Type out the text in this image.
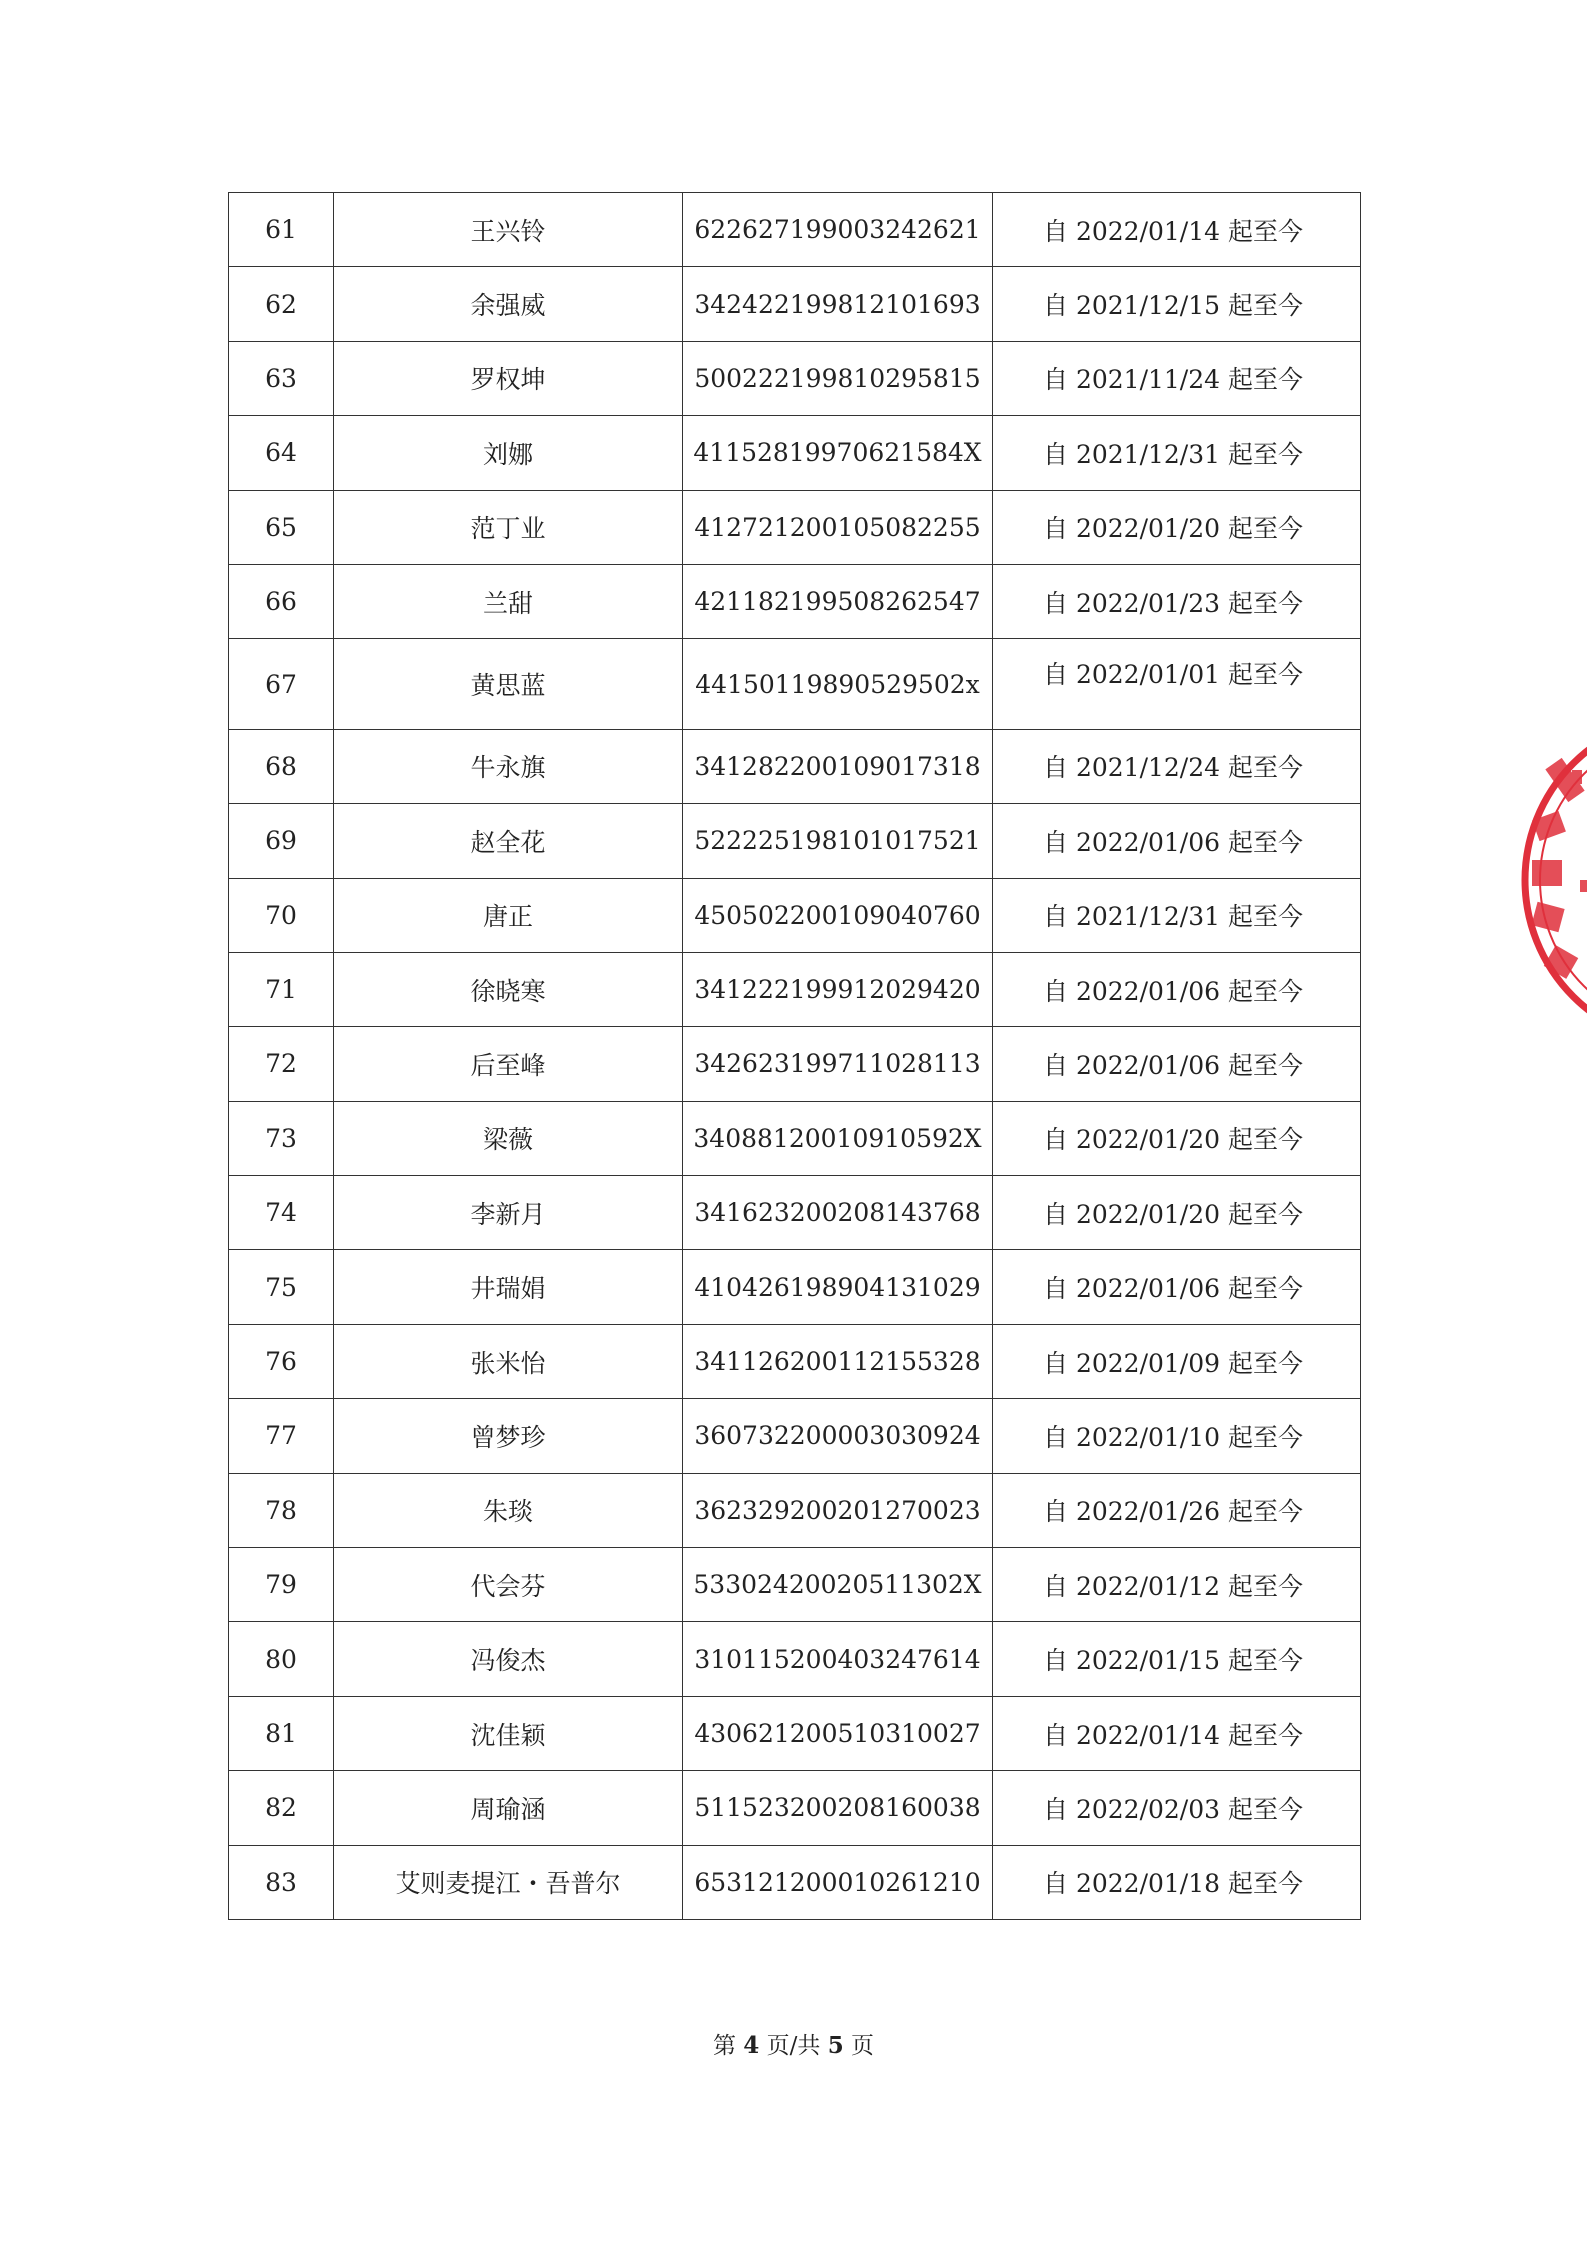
61	王兴铃	622627199003242621	自 2022/01/14 起至今
62	余强威	342422199812101693	自 2021/12/15 起至今
63	罗权坤	500222199810295815	自 2021/11/24 起至今
64	刘娜	41152819970621584X	自 2021/12/31 起至今
65	范丁业	412721200105082255	自 2022/01/20 起至今
66	兰甜	421182199508262547	自 2022/01/23 起至今
67	黄思蓝	44150119890529502x	自 2022/01/01 起至今
68	牛永旗	341282200109017318	自 2021/12/24 起至今
69	赵全花	522225198101017521	自 2022/01/06 起至今
70	唐正	450502200109040760	自 2021/12/31 起至今
71	徐晓寒	341222199912029420	自 2022/01/06 起至今
72	后至峰	342623199711028113	自 2022/01/06 起至今
73	梁薇	34088120010910592X	自 2022/01/20 起至今
74	李新月	341623200208143768	自 2022/01/20 起至今
75	井瑞娟	410426198904131029	自 2022/01/06 起至今
76	张米怡	341126200112155328	自 2022/01/09 起至今
77	曾梦珍	360732200003030924	自 2022/01/10 起至今
78	朱琰	362329200201270023	自 2022/01/26 起至今
79	代会芬	53302420020511302X	自 2022/01/12 起至今
80	冯俊杰	310115200403247614	自 2022/01/15 起至今
81	沈佳颖	430621200510310027	自 2022/01/14 起至今
82	周瑜涵	511523200208160038	自 2022/02/03 起至今
83	艾则麦提江・吾普尔	653121200010261210	自 2022/01/18 起至今
第 4 页/共 5 页
